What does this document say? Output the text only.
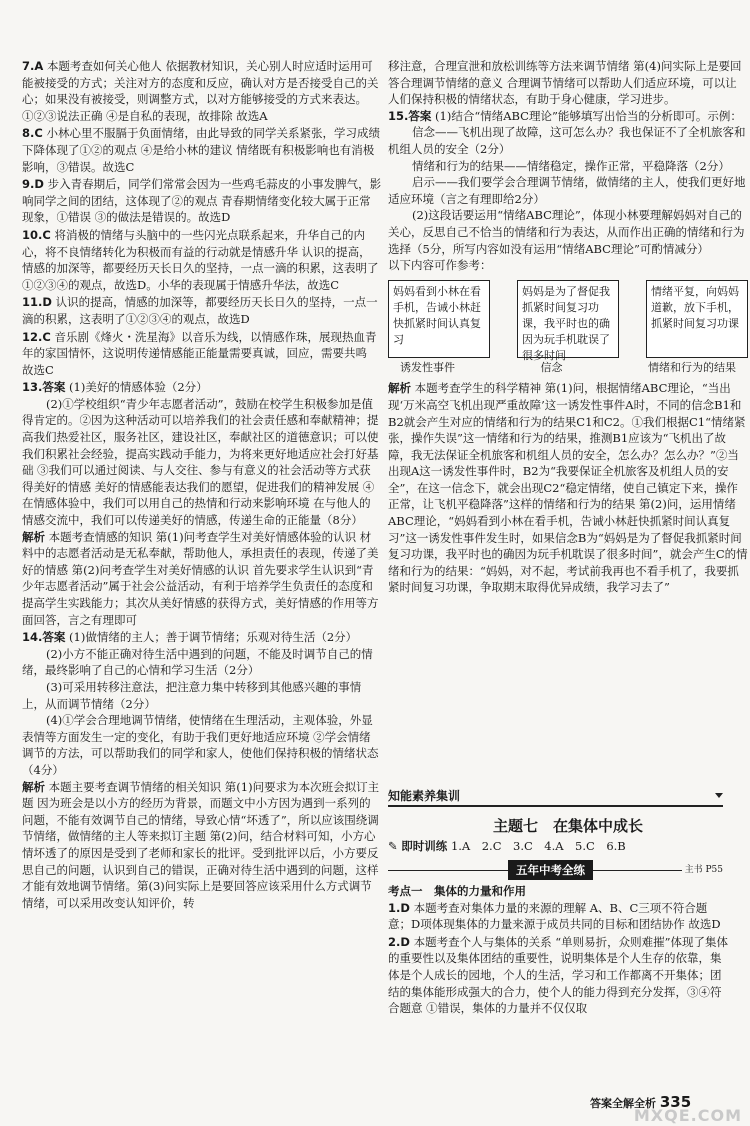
7.A 本题考查如何关心他人 依据教材知识，关心别人时应适时运用可能被接受的方式；关注对方的态度和反应，确认对方是否接受自己的关心；如果没有被接受，则调整方式，以对方能够接受的方式来表达。①②③说法正确 ④是自私的表现，故排除 故选A
8.C 小林心里不服膈于负面情绪，由此导致的同学关系紧张，学习成绩下降体现了①②的观点 ④是给小林的建议 情绪既有积极影响也有消极影响，③错误。故选C
9.D 步入青春期后，同学们常常会因为一些鸡毛蒜皮的小事发脾气，影响同学之间的团结，这体现了②的观点 青春期情绪变化较大属于正常现象，①错误 ③的做法是错误的。故选D
10.C 将消极的情绪与头脑中的一些闪光点联系起来，升华自己的内心，将不良情绪转化为积极而有益的行动就是情感升华 认识的提高，情感的加深等，都要经历天长日久的坚持，一点一滴的积累，这表明了①②③④的观点，故选D。小华的表现属于情感升华法，故选C
11.D 认识的提高，情感的加深等，都要经历天长日久的坚持，一点一滴的积累，这表明了①②③④的观点，故选D
12.C 音乐剧《烽火・洗星海》以音乐为线，以情感作珠，展现热血青年的家国情怀，这说明传递情感能正能量需要真诚，回应，需要共鸣 故选C

13.答案 (1)美好的情感体验（2分）

(2)①学校组织“青少年志愿者活动”，鼓励在校学生积极参加是值得肯定的。②因为这种活动可以培养我们的社会责任感和奉献精神；提高我们热爱社区，服务社区，建设社区，奉献社区的道德意识；可以使我们积累社会经验，提高实践动手能力，为将来更好地适应社会打好基础 ③我们可以通过阅读、与人交往、参与有意义的社会活动等方式获得美好的情感 美好的情感能表达我们的愿望，促进我们的精神发展 ④在情感体验中，我们可以用自己的热情和行动来影响环境 在与他人的情感交流中，我们可以传递美好的情感，传递生命的正能量（8分）

解析 本题考查情感的知识 第(1)问考查学生对美好情感体验的认识 材料中的志愿者活动是无私奉献，帮助他人，承担责任的表现，传递了美好的情感 第(2)问考查学生对美好情感的认识 首先要求学生认识到“青少年志愿者活动”属于社会公益活动，有利于培养学生负责任的态度和提高学生实践能力；其次从美好情感的获得方式，美好情感的作用等方面回答，言之有理即可

14.答案 (1)做情绪的主人；善于调节情绪；乐观对待生活（2分）

(2)小方不能正确对待生活中遇到的问题，不能及时调节自己的情绪，最终影响了自己的心情和学习生活（2分）

(3)可采用转移注意法，把注意力集中转移到其他感兴趣的事情上，从而调节情绪（2分）

(4)①学会合理地调节情绪，使情绪在生理活动，主观体验，外显表情等方面发生一定的变化，有助于我们更好地适应环境 ②学会情绪调节的方法，可以帮助我们的同学和家人，使他们保持积极的情绪状态（4分）

解析 本题主要考查调节情绪的相关知识 第(1)问要求为本次班会拟订主题 因为班会是以小方的经历为背景，而题文中小方因为遇到一系列的问题，不能有效调节自己的情绪，导致心情“坏透了”，所以应该围绕调节情绪，做情绪的主人等来拟订主题 第(2)问，结合材料可知，小方心情坏透了的原因是受到了老师和家长的批评。受到批评以后，小方要反思自己的问题，认识到自己的错误，正确对待生活中遇到的问题，这样才能有效地调节情绪。第(3)问实际上是要回答应该采用什么方式调节情绪，可以采用改变认知评价，转

移注意，合理宣泄和放松训练等方法来调节情绪 第(4)问实际上是要回答合理调节情绪的意义 合理调节情绪可以帮助人们适应环境，可以让人们保持积极的情绪状态，有助于身心健康，学习进步。

15.答案 (1)结合“情绪ABC理论”能够填写出恰当的分析即可。示例：

信念——飞机出现了故障，这可怎么办？我也保证不了全机旅客和机组人员的安全（2分）

情绪和行为的结果——情绪稳定，操作正常，平稳降落（2分）

启示——我们要学会合理调节情绪，做情绪的主人，使我们更好地适应环境（言之有理即给2分）

(2)这段话要运用“情绪ABC理论”，体现小林要理解妈妈对自己的关心，反思自己不恰当的情绪和行为表达，从而作出正确的情绪和行为选择（5分，所写内容如没有运用“情绪ABC理论”可酌情减分）

以下内容可作参考：

妈妈看到小林在看手机，告诫小林赶快抓紧时间认真复习
妈妈是为了督促我抓紧时间复习功课，我平时也的确因为玩手机耽误了很多时间
情绪平复，向妈妈道歉，放下手机，抓紧时间复习功课
诱发性事件	信念	情绪和行为的结果

解析 本题考查学生的科学精神 第(1)问，根据情绪ABC理论，“当出现‘万米高空飞机出现严重故障’这一诱发性事件A时，不同的信念B1和B2就会产生对应的情绪和行为的结果C1和C2。①我们根据C1“情绪紧张，操作失误”这一情绪和行为的结果，推测B1应该为“飞机出了故障，我无法保证全机旅客和机组人员的安全，怎么办？怎么办？”②当出现A这一诱发性事件时，B2为“我要保证全机旅客及机组人员的安全”，在这一信念下，就会出现C2“稳定情绪，使自己镇定下来，操作正常，让飞机平稳降落”这样的情绪和行为的结果 第(2)问，运用情绪ABC理论，“妈妈看到小林在看手机，告诫小林赶快抓紧时间认真复习”这一诱发性事件发生时，如果信念B为“妈妈是为了督促我抓紧时间复习功课，我平时也的确因为玩手机耽误了很多时间”，就会产生C的情绪和行为的结果：“妈妈，对不起，考试前我再也不看手机了，我要抓紧时间复习功课，争取期末取得优异成绩，我学习去了”

知能素养集训
主题七　在集体中成长
✎ 即时训练 1.A　2.C　3.C　4.A　5.C　6.B
五年中考全练	主书 P55

考点一　 集体的力量和作用

1.D 本题考查对集体力量的来源的理解 A、B、C三项不符合题意；D项体现集体的力量来源于成员共同的目标和团结协作 故选D
2.D 本题考查个人与集体的关系 “单则易折，众则难摧”体现了集体的重要性以及集体团结的重要性，说明集体是个人生存的依靠，集体是个人成长的园地，个人的生活，学习和工作都离不开集体；团结的集体能形成强大的合力，使个人的能力得到充分发挥，③④符合题意 ①错误，集体的力量并不仅仅取
答案全解全析 335
MXQE.COM
